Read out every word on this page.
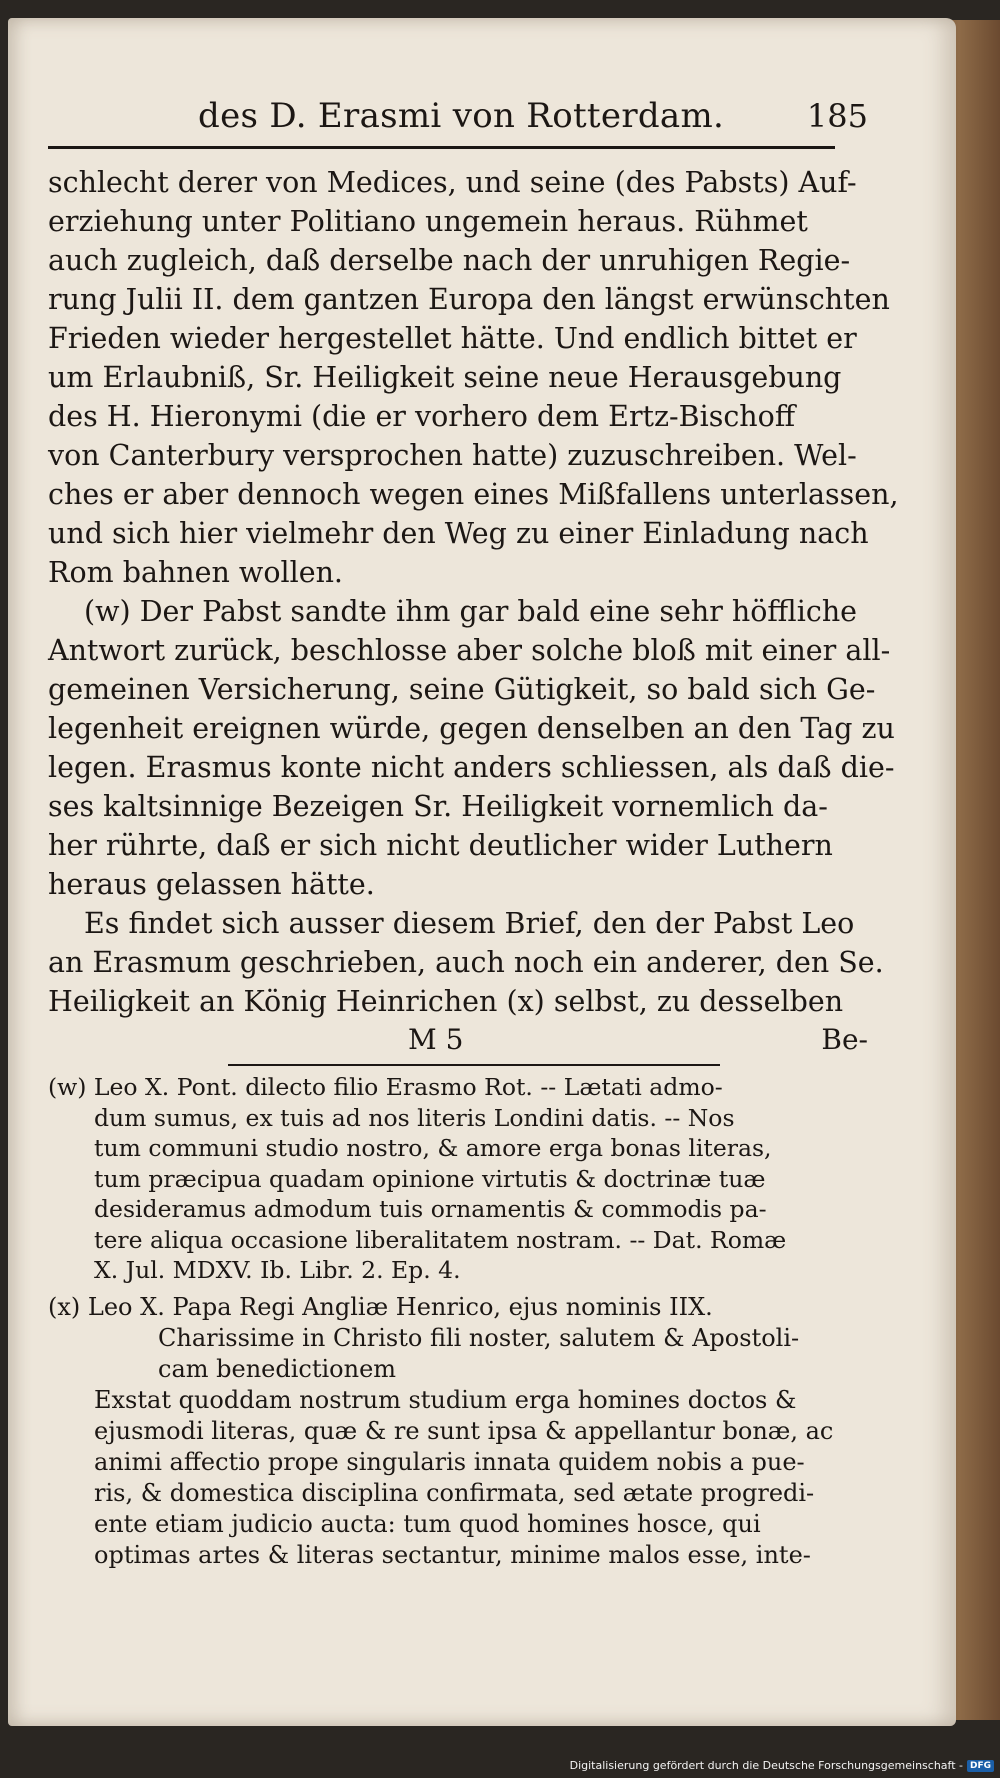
des D. Erasmi von Rotterdam.	185
schlecht derer von Medices, und seine (des Pabsts) Auf-
erziehung unter Politiano ungemein heraus. Rühmet
auch zugleich, daß derselbe nach der unruhigen Regie-
rung Julii II. dem gantzen Europa den längst erwünschten
Frieden wieder hergestellet hätte. Und endlich bittet er
um Erlaubniß, Sr. Heiligkeit seine neue Herausgebung
des H. Hieronymi (die er vorhero dem Ertz-Bischoff
von Canterbury versprochen hatte) zuzuschreiben. Wel-
ches er aber dennoch wegen eines Mißfallens unterlassen,
und sich hier vielmehr den Weg zu einer Einladung nach
Rom bahnen wollen.
(w) Der Pabst sandte ihm gar bald eine sehr höffliche
Antwort zurück, beschlosse aber solche bloß mit einer all-
gemeinen Versicherung, seine Gütigkeit, so bald sich Ge-
legenheit ereignen würde, gegen denselben an den Tag zu
legen. Erasmus konte nicht anders schliessen, als daß die-
ses kaltsinnige Bezeigen Sr. Heiligkeit vornemlich da-
her rührte, daß er sich nicht deutlicher wider Luthern
heraus gelassen hätte.
Es findet sich ausser diesem Brief, den der Pabst Leo
an Erasmum geschrieben, auch noch ein anderer, den Se.
Heiligkeit an König Heinrichen (x) selbst, zu desselben
M 5	Be-
(w) Leo X. Pont. dilecto filio Erasmo Rot. -- Lætati admo-
dum sumus, ex tuis ad nos literis Londini datis. -- Nos
tum communi studio nostro, & amore erga bonas literas,
tum præcipua quadam opinione virtutis & doctrinæ tuæ
desideramus admodum tuis ornamentis & commodis pa-
tere aliqua occasione liberalitatem nostram. -- Dat. Romæ
X. Jul. MDXV. Ib. Libr. 2. Ep. 4.
(x) Leo X. Papa Regi Angliæ Henrico, ejus nominis IIX.
Charissime in Christo fili noster, salutem & Apostoli-
cam benedictionem
Exstat quoddam nostrum studium erga homines doctos &
ejusmodi literas, quæ & re sunt ipsa & appellantur bonæ, ac
animi affectio prope singularis innata quidem nobis a pue-
ris, & domestica disciplina confirmata, sed ætate progredi-
ente etiam judicio aucta: tum quod homines hosce, qui
optimas artes & literas sectantur, minime malos esse, inte-
Digitalisierung gefördert durch die Deutsche Forschungsgemeinschaft - DFG
